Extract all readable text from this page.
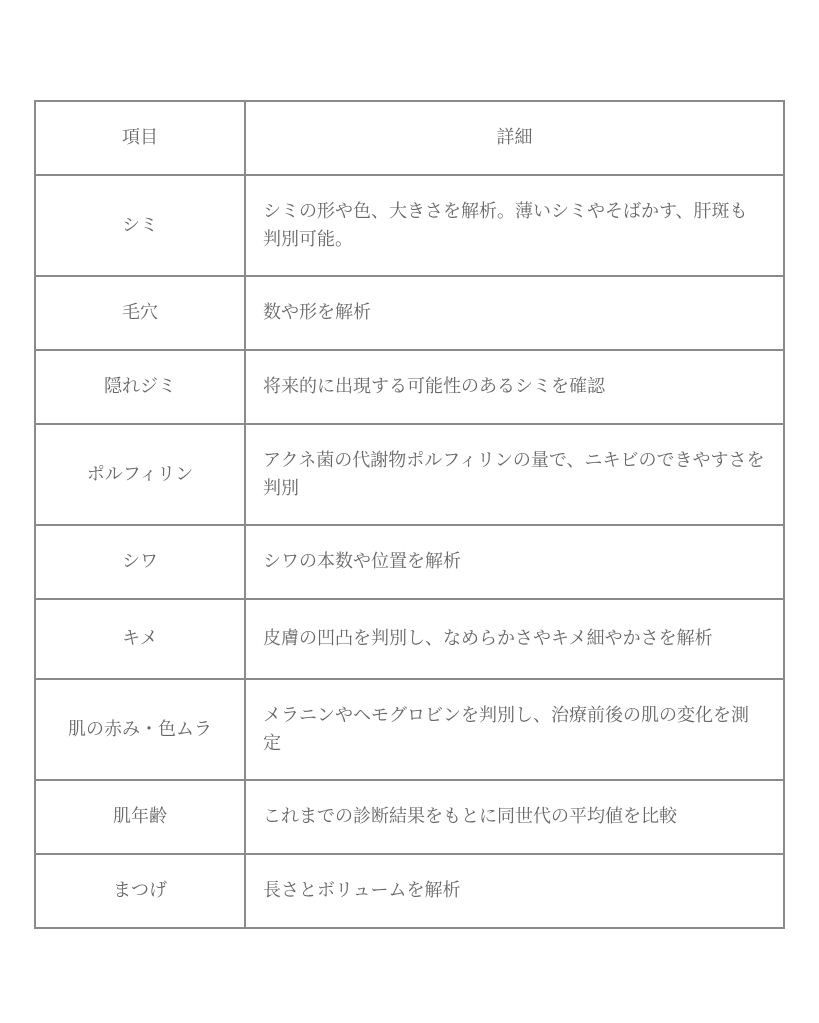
項目	詳細
シミ	シミの形や色、大きさを解析。薄いシミやそばかす、肝斑も判別可能。
毛穴	数や形を解析
隠れジミ	将来的に出現する可能性のあるシミを確認
ポルフィリン	アクネ菌の代謝物ポルフィリンの量で、ニキビのできやすさを判別
シワ	シワの本数や位置を解析
キメ	皮膚の凹凸を判別し、なめらかさやキメ細やかさを解析
肌の赤み・色ムラ	メラニンやヘモグロビンを判別し、治療前後の肌の変化を測定
肌年齢	これまでの診断結果をもとに同世代の平均値を比較
まつげ	長さとボリュームを解析
